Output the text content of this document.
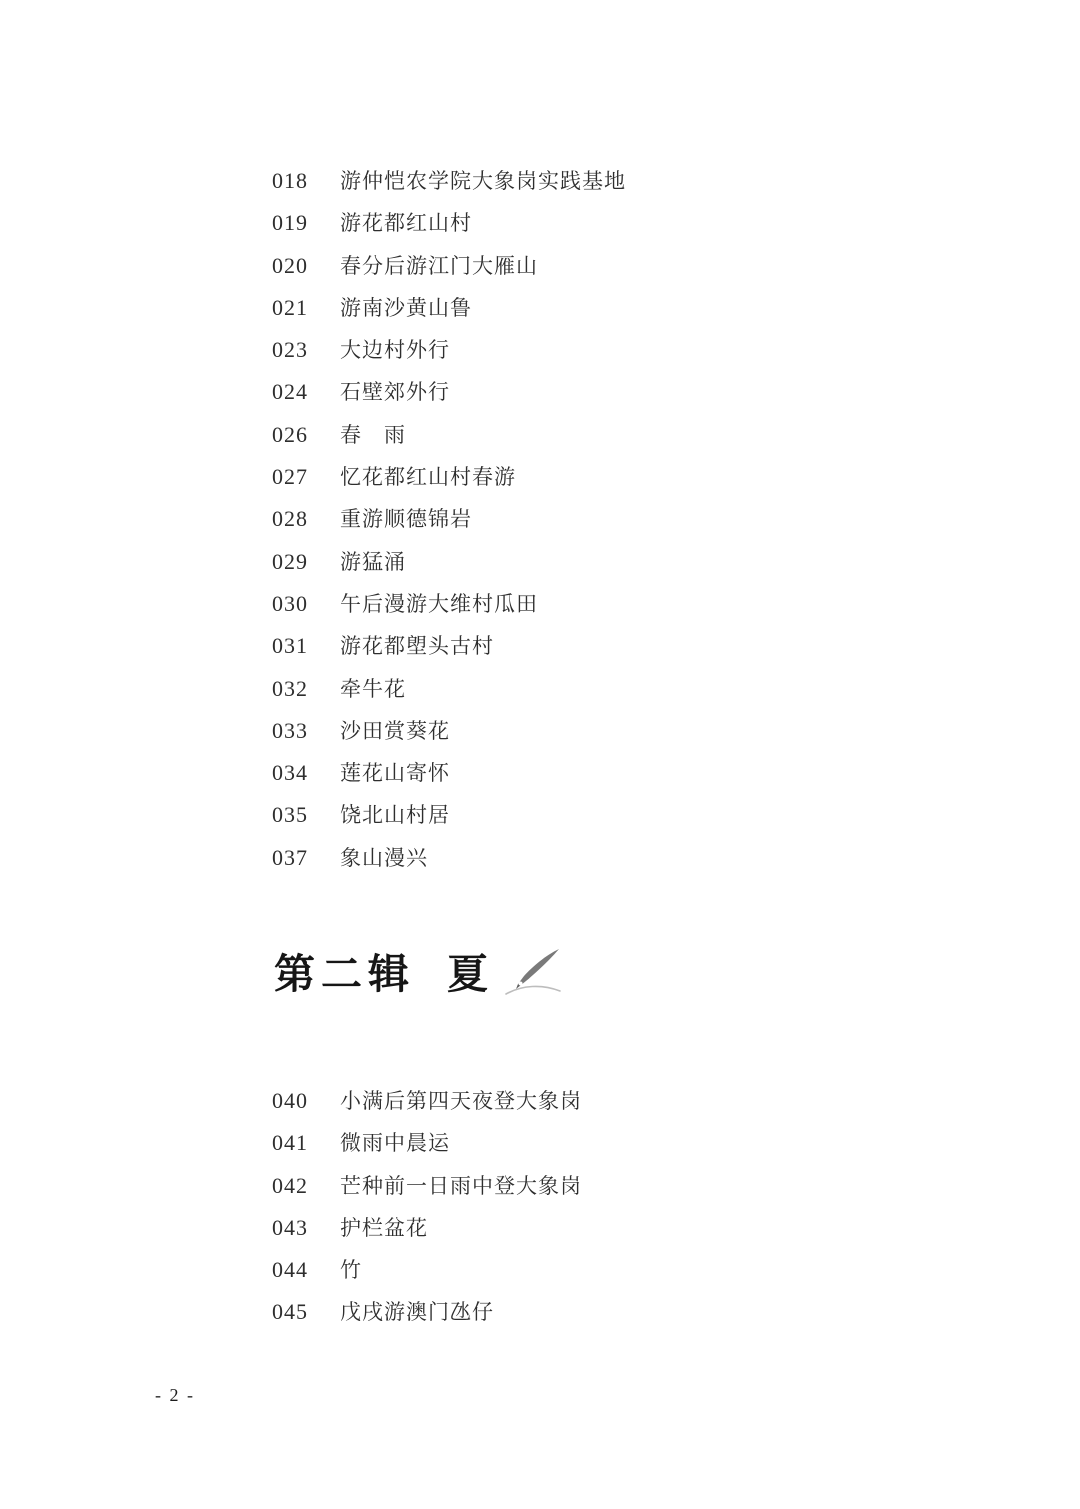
018 游仲恺农学院大象岗实践基地
019 游花都红山村
020 春分后游江门大雁山
021 游南沙黄山鲁
023 大边村外行
024 石壁郊外行
026 春　雨
027 忆花都红山村春游
028 重游顺德锦岩
029 游猛涌
030 午后漫游大维村瓜田
031 游花都塱头古村
032 牵牛花
033 沙田赏葵花
034 莲花山寄怀
035 饶北山村居
037 象山漫兴
第二辑 夏
040 小满后第四天夜登大象岗
041 微雨中晨运
042 芒种前一日雨中登大象岗
043 护栏盆花
044 竹
045 戊戌游澳门氹仔
- 2 -
